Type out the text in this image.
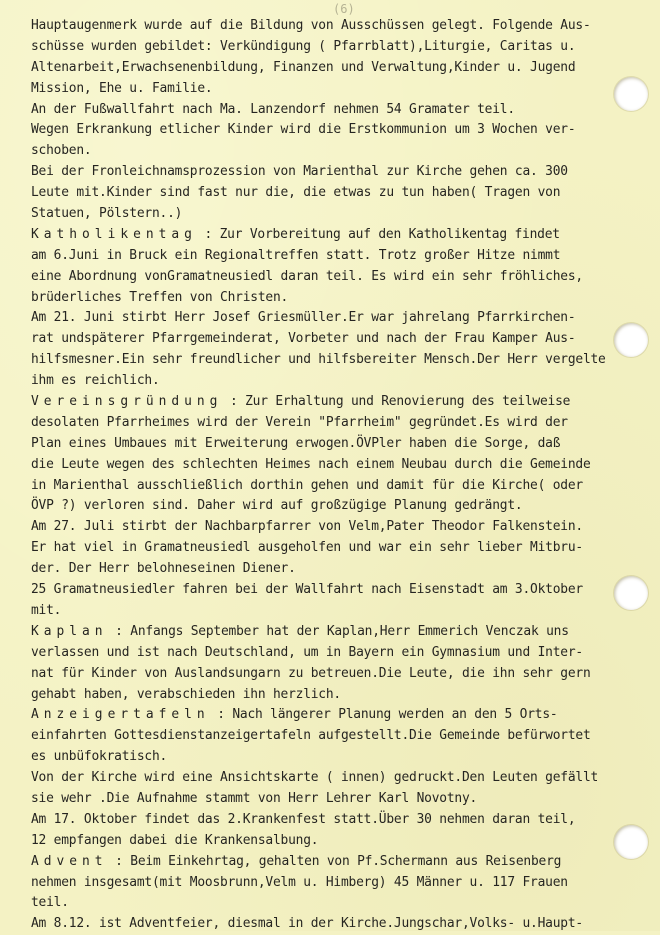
(6)
Hauptaugenmerk wurde auf die Bildung von Ausschüssen gelegt. Folgende Aus-
schüsse wurden gebildet: Verkündigung ( Pfarrblatt),Liturgie, Caritas u.
Altenarbeit,Erwachsenenbildung, Finanzen und Verwaltung,Kinder u. Jugend
Mission, Ehe u. Familie.
An der Fußwallfahrt nach Ma. Lanzendorf nehmen 54 Gramater teil.
Wegen Erkrankung etlicher Kinder wird die Erstkommunion um 3 Wochen ver-
schoben.
Bei der Fronleichnamsprozession von Marienthal zur Kirche gehen ca. 300
Leute mit.Kinder sind fast nur die, die etwas zu tun haben( Tragen von
Statuen, Pölstern..)
Katholikentag : Zur Vorbereitung auf den Katholikentag findet
am 6.Juni in Bruck ein Regionaltreffen statt. Trotz großer Hitze nimmt
eine Abordnung vonGramatneusiedl daran teil. Es wird ein sehr fröhliches,
brüderliches Treffen von Christen.
Am 21. Juni stirbt Herr Josef Griesmüller.Er war jahrelang Pfarrkirchen-
rat undspäterer Pfarrgemeinderat, Vorbeter und nach der Frau Kamper Aus-
hilfsmesner.Ein sehr freundlicher und hilfsbereiter Mensch.Der Herr vergelte
ihm es reichlich.
Vereinsgründung : Zur Erhaltung und Renovierung des teilweise
desolaten Pfarrheimes wird der Verein "Pfarrheim" gegründet.Es wird der
Plan eines Umbaues mit Erweiterung erwogen.ÖVPler haben die Sorge, daß
die Leute wegen des schlechten Heimes nach einem Neubau durch die Gemeinde
in Marienthal ausschließlich dorthin gehen und damit für die Kirche( oder
ÖVP ?) verloren sind. Daher wird auf großzügige Planung gedrängt.
Am 27. Juli stirbt der Nachbarpfarrer von Velm,Pater Theodor Falkenstein.
Er hat viel in Gramatneusiedl ausgeholfen und war ein sehr lieber Mitbru-
der. Der Herr belohneseinen Diener.
25 Gramatneusiedler fahren bei der Wallfahrt nach Eisenstadt am 3.Oktober
mit.
Kaplan : Anfangs September hat der Kaplan,Herr Emmerich Venczak uns
verlassen und ist nach Deutschland, um in Bayern ein Gymnasium und Inter-
nat für Kinder von Auslandsungarn zu betreuen.Die Leute, die ihn sehr gern
gehabt haben, verabschieden ihn herzlich.
Anzeigertafeln : Nach längerer Planung werden an den 5 Orts-
einfahrten Gottesdienstanzeigertafeln aufgestellt.Die Gemeinde befürwortet
es unbüfokratisch.
Von der Kirche wird eine Ansichtskarte ( innen) gedruckt.Den Leuten gefällt
sie wehr .Die Aufnahme stammt von Herr Lehrer Karl Novotny.
Am 17. Oktober findet das 2.Krankenfest statt.Über 30 nehmen daran teil,
12 empfangen dabei die Krankensalbung.
Advent : Beim Einkehrtag, gehalten von Pf.Schermann aus Reisenberg
nehmen insgesamt(mit Moosbrunn,Velm u. Himberg) 45 Männer u. 117 Frauen
teil.
Am 8.12. ist Adventfeier, diesmal in der Kirche.Jungschar,Volks- u.Haupt-
